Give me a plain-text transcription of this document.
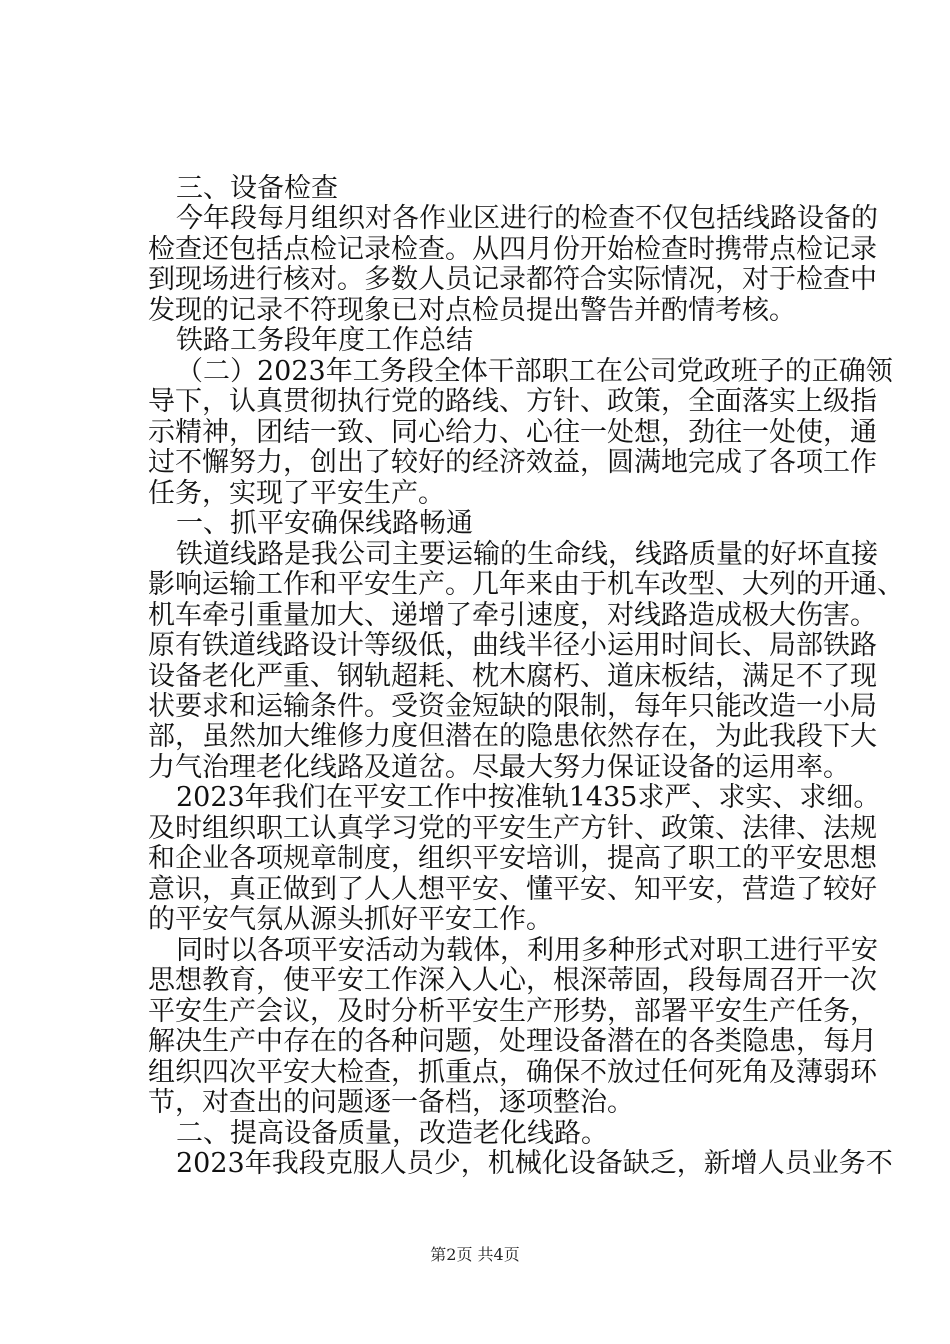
三、设备检查
今年段每月组织对各作业区进行的检查不仅包括线路设备的
检查还包括点检记录检查。从四月份开始检查时携带点检记录
到现场进行核对。多数人员记录都符合实际情况，对于检查中
发现的记录不符现象已对点检员提出警告并酌情考核。
铁路工务段年度工作总结
（二）2023年工务段全体干部职工在公司党政班子的正确领
导下，认真贯彻执行党的路线、方针、政策，全面落实上级指
示精神，团结一致、同心给力、心往一处想，劲往一处使，通
过不懈努力，创出了较好的经济效益，圆满地完成了各项工作
任务，实现了平安生产。
一、抓平安确保线路畅通
铁道线路是我公司主要运输的生命线，线路质量的好坏直接
影响运输工作和平安生产。几年来由于机车改型、大列的开通、
机车牵引重量加大、递增了牵引速度，对线路造成极大伤害。
原有铁道线路设计等级低，曲线半径小运用时间长、局部铁路
设备老化严重、钢轨超耗、枕木腐朽、道床板结，满足不了现
状要求和运输条件。受资金短缺的限制，每年只能改造一小局
部，虽然加大维修力度但潜在的隐患依然存在，为此我段下大
力气治理老化线路及道岔。尽最大努力保证设备的运用率。
2023年我们在平安工作中按准轨1435求严、求实、求细。
及时组织职工认真学习党的平安生产方针、政策、法律、法规
和企业各项规章制度，组织平安培训，提高了职工的平安思想
意识，真正做到了人人想平安、懂平安、知平安，营造了较好
的平安气氛从源头抓好平安工作。
同时以各项平安活动为载体，利用多种形式对职工进行平安
思想教育，使平安工作深入人心，根深蒂固，段每周召开一次
平安生产会议，及时分析平安生产形势，部署平安生产任务，
解决生产中存在的各种问题，处理设备潜在的各类隐患，每月
组织四次平安大检查，抓重点，确保不放过任何死角及薄弱环
节，对查出的问题逐一备档，逐项整治。
二、提高设备质量，改造老化线路。
2023年我段克服人员少，机械化设备缺乏，新增人员业务不
第2页 共4页
